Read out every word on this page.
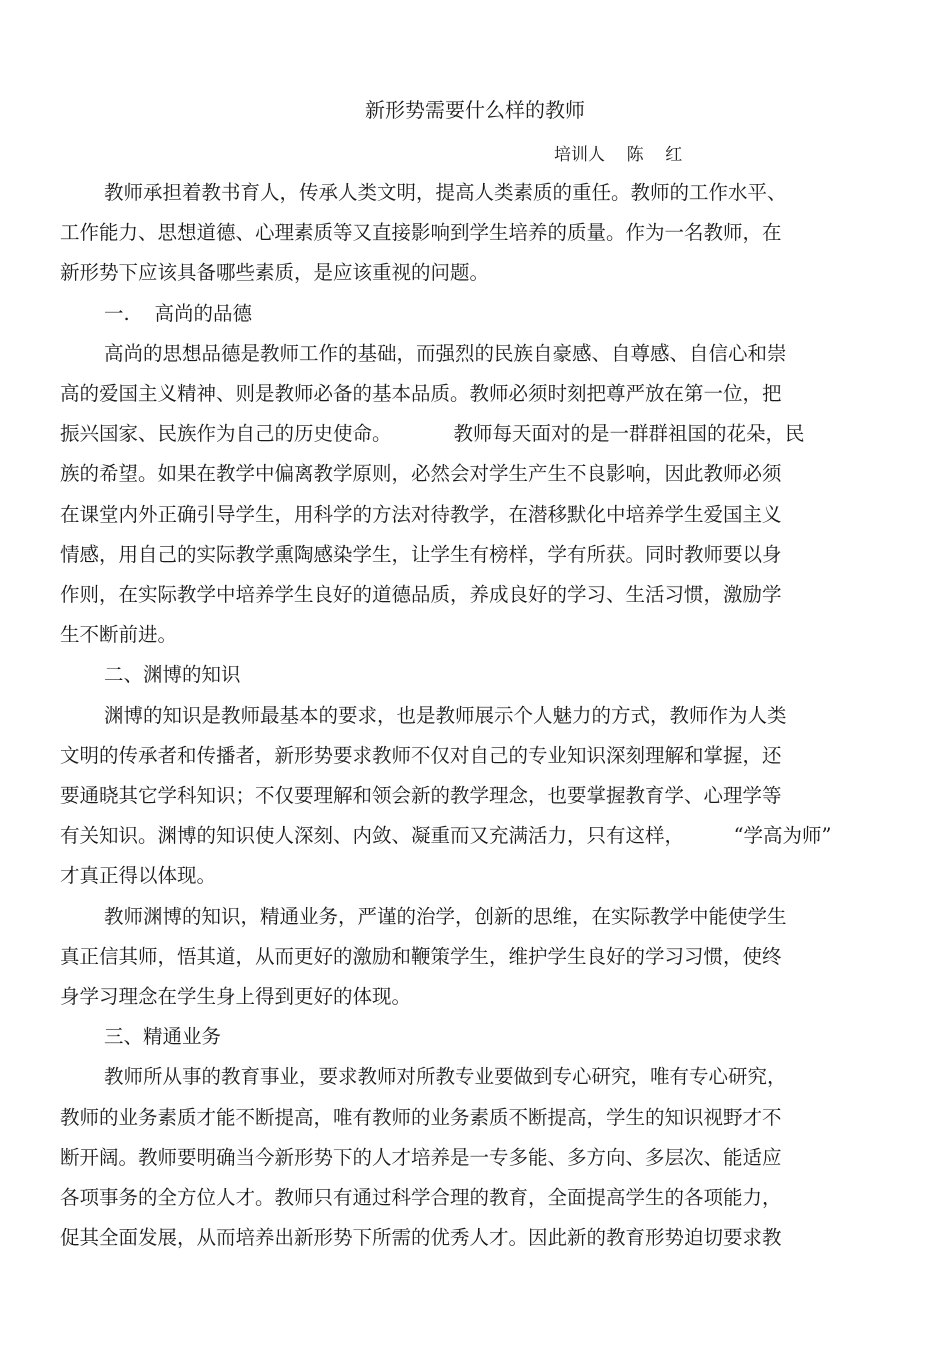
新形势需要什么样的教师
培训人    陈    红
教师承担着教书育人，传承人类文明，提高人类素质的重任。教师的工作水平、
工作能力、思想道德、心理素质等又直接影响到学生培养的质量。作为一名教师，在
新形势下应该具备哪些素质，是应该重视的问题。
一.    高尚的品德
高尚的思想品德是教师工作的基础，而强烈的民族自豪感、自尊感、自信心和崇
高的爱国主义精神、则是教师必备的基本品质。教师必须时刻把尊严放在第一位，把
振兴国家、民族作为自己的历史使命。          教师每天面对的是一群群祖国的花朵，民
族的希望。如果在教学中偏离教学原则，必然会对学生产生不良影响，因此教师必须
在课堂内外正确引导学生，用科学的方法对待教学，在潜移默化中培养学生爱国主义
情感，用自己的实际教学熏陶感染学生，让学生有榜样，学有所获。同时教师要以身
作则，在实际教学中培养学生良好的道德品质，养成良好的学习、生活习惯，激励学
生不断前进。
二、渊博的知识
渊博的知识是教师最基本的要求，也是教师展示个人魅力的方式，教师作为人类
文明的传承者和传播者，新形势要求教师不仅对自己的专业知识深刻理解和掌握，还
要通晓其它学科知识；不仅要理解和领会新的教学理念，也要掌握教育学、心理学等
有关知识。渊博的知识使人深刻、内敛、凝重而又充满活力，只有这样，        “学高为师”
才真正得以体现。
教师渊博的知识，精通业务，严谨的治学，创新的思维，在实际教学中能使学生
真正信其师，悟其道，从而更好的激励和鞭策学生，维护学生良好的学习习惯，使终
身学习理念在学生身上得到更好的体现。
三、精通业务
教师所从事的教育事业，要求教师对所教专业要做到专心研究，唯有专心研究，
教师的业务素质才能不断提高，唯有教师的业务素质不断提高，学生的知识视野才不
断开阔。教师要明确当今新形势下的人才培养是一专多能、多方向、多层次、能适应
各项事务的全方位人才。教师只有通过科学合理的教育，全面提高学生的各项能力，
促其全面发展，从而培养出新形势下所需的优秀人才。因此新的教育形势迫切要求教
